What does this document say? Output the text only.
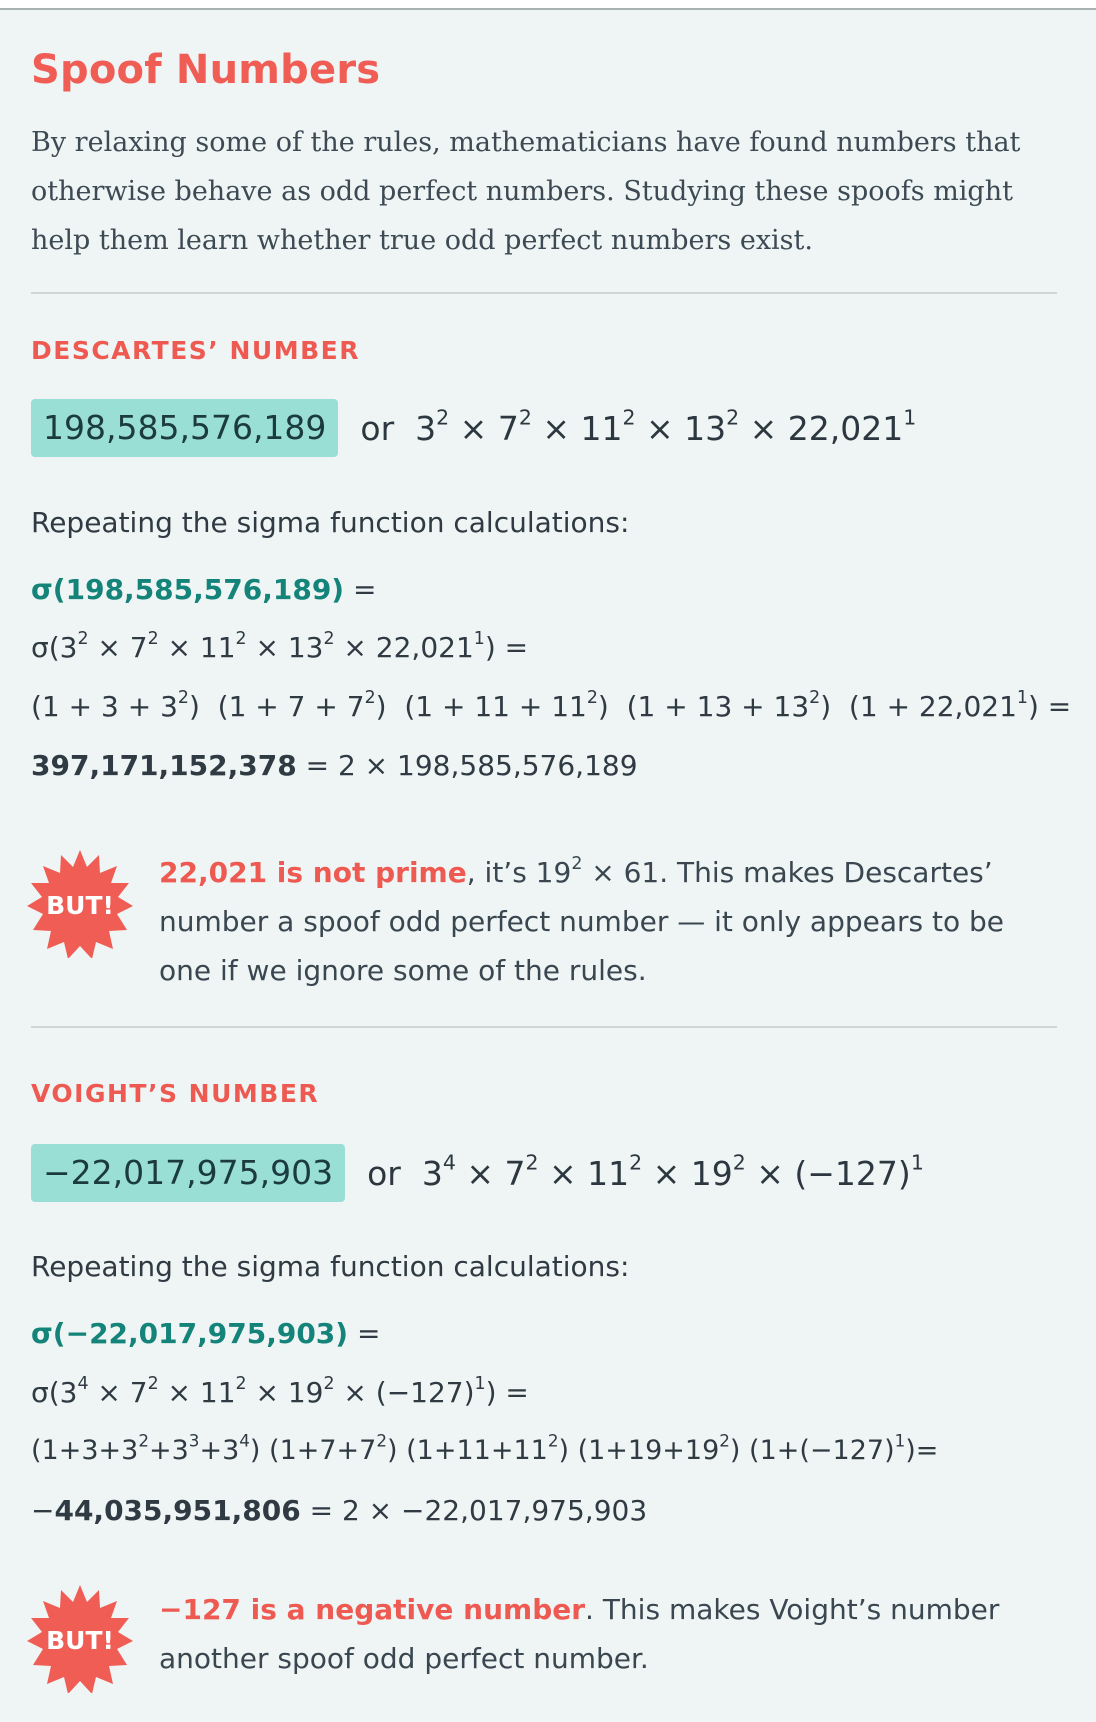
Spoof Numbers
By relaxing some of the rules, mathematicians have found numbers that otherwise behave as odd perfect numbers. Studying these spoofs might help them learn whether true odd perfect numbers exist.
DESCARTES’ NUMBER
198,585,576,189	or  $3^2 \times 7^2 \times 11^2 \times 13^2 \times 22,021^1$
Repeating the sigma function calculations:
σ(198,585,576,189) =
$\sigma(3^2 \times 7^2 \times 11^2 \times 13^2 \times 22,021^1)$ =
$(1 + 3 + 3^2)$  $(1 + 7 + 7^2)$  $(1 + 11 + 11^2)$  $(1 + 13 + 13^2)$  $(1 + 22,021^1)$ =
397,171,152,378 = 2 × 198,585,576,189
BUT!
22,021 is not prime, it’s $19^2 \times 61$. This makes Descartes’ number a spoof odd perfect number — it only appears to be one if we ignore some of the rules.
VOIGHT’S NUMBER
−22,017,975,903	or  $3^4 \times 7^2 \times 11^2 \times 19^2 \times (-127)^1$
Repeating the sigma function calculations:
σ(−22,017,975,903) =
$\sigma(3^4 \times 7^2 \times 11^2 \times 19^2 \times (-127)^1)$ =
$(1+3+3^2+3^3+3^4)$ $(1+7+7^2)$ $(1+11+11^2)$ $(1+19+19^2)$ $(1+(-127)^1)=$
−44,035,951,806 = 2 × −22,017,975,903
BUT!
−127 is a negative number. This makes Voight’s number another spoof odd perfect number.
